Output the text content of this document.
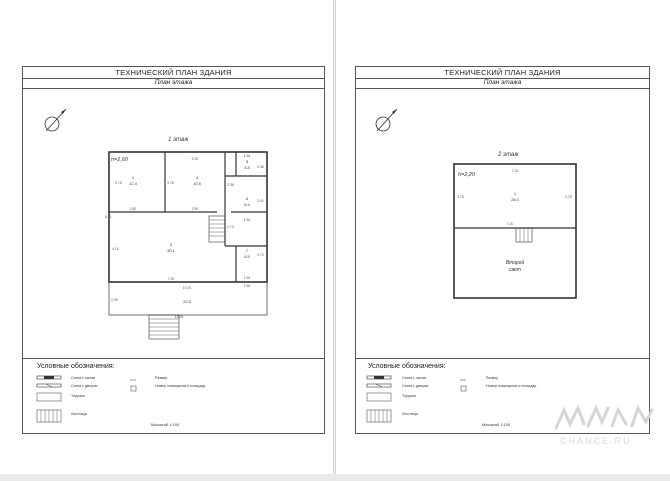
ТЕХНИЧЕСКИЙ ПЛАН ЗДАНИЯ
План этажа
1 этаж
h=2,60
1
12.4
4
10.5
5
3.8
6
5.4
2
30.1	7
6.5
22.5
2.80
2.90
1.94
3.78	3.78	2.36
2.36
2.90
1.94
1.94
3.70
3.00
2.73
6.41
4.15
7.20
10.00
2.25
10.00
1.94
Условные обозначения:
Стена с окном
Стена с дверью
Терраса
Лестница
Размер
Номер помещения и площадь
Масштаб 1:100
ТЕХНИЧЕСКИЙ ПЛАН ЗДАНИЯ
План этажа
2 этаж
h=2,20
1
28.0
Второй
свет
7.20
3.78	3.78
7.20
Условные обозначения:
Стена с окном
Стена с дверью
Терраса
Лестница
Размер
Номер помещения и площадь
Масштаб 1:100
CHANCE.RU
